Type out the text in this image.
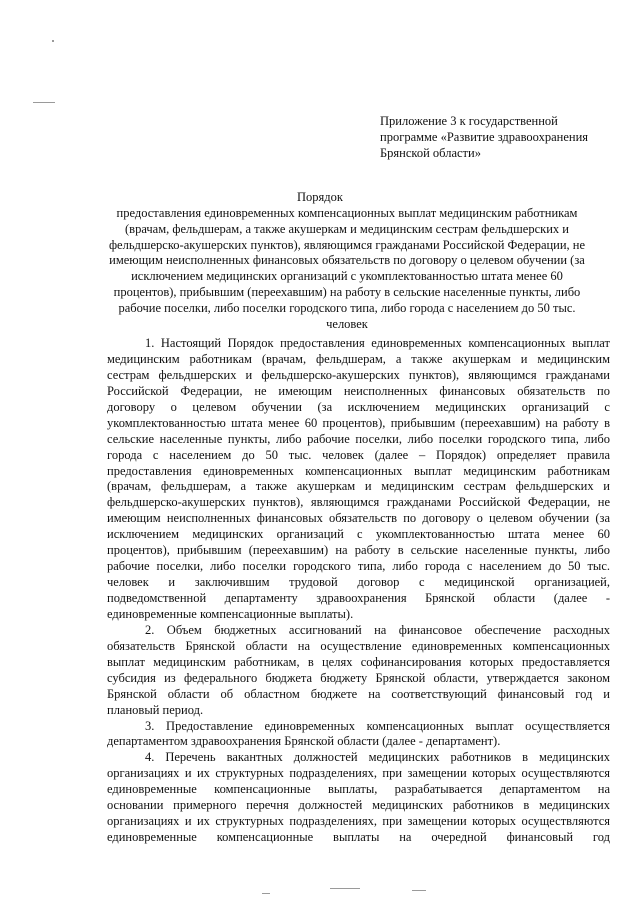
Приложение 3 к государственной
программе «Развитие здравоохранения
Брянской области»
Порядок
предоставления единовременных компенсационных выплат медицинским работникам
(врачам, фельдшерам, а также акушеркам и медицинским сестрам фельдшерских и
фельдшерско-акушерских пунктов), являющимся гражданами Российской Федерации, не
имеющим неисполненных финансовых обязательств по договору о целевом обучении (за
исключением медицинских организаций с укомплектованностью штата менее 60
процентов), прибывшим (переехавшим) на работу в сельские населенные пункты, либо
рабочие поселки, либо поселки городского типа, либо города с населением до 50 тыс.
человек
1. Настоящий Порядок предоставления единовременных компенсационных выплат
медицинским работникам (врачам, фельдшерам, а также акушеркам и медицинским
сестрам фельдшерских и фельдшерско-акушерских пунктов), являющимся гражданами
Российской Федерации, не имеющим неисполненных финансовых обязательств по
договору о целевом обучении (за исключением медицинских организаций с
укомплектованностью штата менее 60 процентов), прибывшим (переехавшим) на работу в
сельские населенные пункты, либо рабочие поселки, либо поселки городского типа, либо
города с населением до 50 тыс. человек (далее – Порядок) определяет правила
предоставления единовременных компенсационных выплат медицинским работникам
(врачам, фельдшерам, а также акушеркам и медицинским сестрам фельдшерских и
фельдшерско-акушерских пунктов), являющимся гражданами Российской Федерации, не
имеющим неисполненных финансовых обязательств по договору о целевом обучении (за
исключением медицинских организаций с укомплектованностью штата менее 60
процентов), прибывшим (переехавшим) на работу в сельские населенные пункты, либо
рабочие поселки, либо поселки городского типа, либо города с населением до 50 тыс.
человек и заключившим трудовой договор с медицинской организацией,
подведомственной департаменту здравоохранения Брянской области (далее -
единовременные компенсационные выплаты).
2. Объем бюджетных ассигнований на финансовое обеспечение расходных
обязательств Брянской области на осуществление единовременных компенсационных
выплат медицинским работникам, в целях софинансирования которых предоставляется
субсидия из федерального бюджета бюджету Брянской области, утверждается законом
Брянской области об областном бюджете на соответствующий финансовый год и
плановый период.
3. Предоставление единовременных компенсационных выплат осуществляется
департаментом здравоохранения Брянской области (далее - департамент).
4. Перечень вакантных должностей медицинских работников в медицинских
организациях и их структурных подразделениях, при замещении которых осуществляются
единовременные компенсационные выплаты, разрабатывается департаментом на
основании примерного перечня должностей медицинских работников в медицинских
организациях и их структурных подразделениях, при замещении которых осуществляются
единовременные компенсационные выплаты на очередной финансовый год
